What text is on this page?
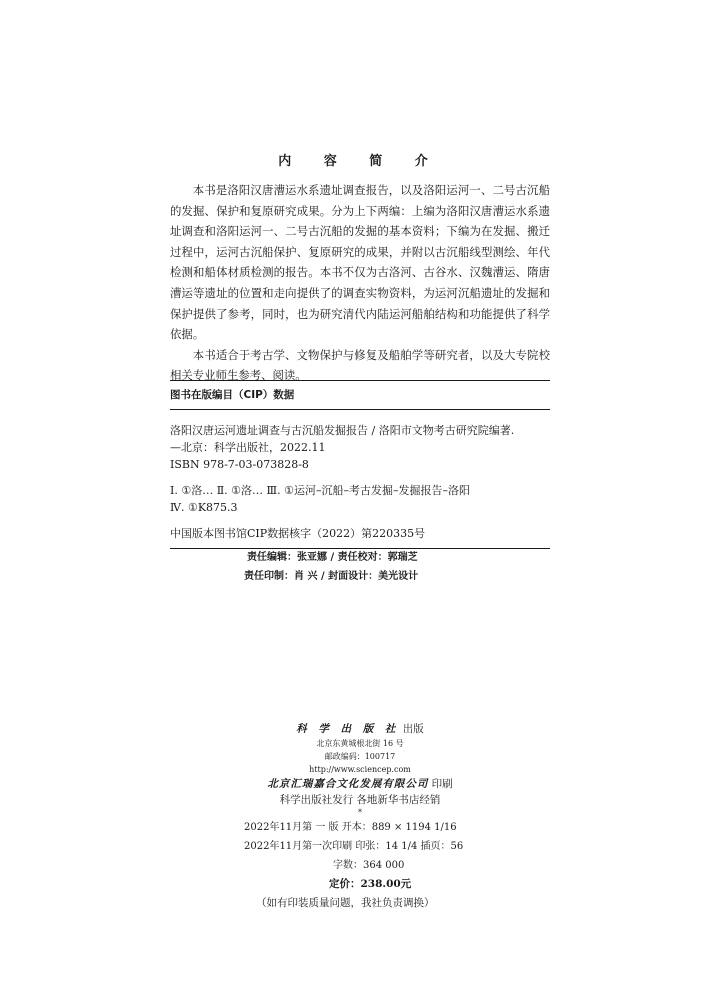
内 容 简 介

本书是洛阳汉唐漕运水系遗址调查报告，以及洛阳运河一、二号古沉船的发掘、保护和复原研究成果。分为上下两编：上编为洛阳汉唐漕运水系遗址调查和洛阳运河一、二号古沉船的发掘的基本资料；下编为在发掘、搬迁过程中，运河古沉船保护、复原研究的成果，并附以古沉船线型测绘、年代检测和船体材质检测的报告。本书不仅为古洛河、古谷水、汉魏漕运、隋唐漕运等遗址的位置和走向提供了的调查实物资料，为运河沉船遗址的发掘和保护提供了参考，同时，也为研究清代内陆运河船舶结构和功能提供了科学依据。

本书适合于考古学、文物保护与修复及船舶学等研究者，以及大专院校相关专业师生参考、阅读。

图书在版编目（CIP）数据
洛阳汉唐运河遗址调查与古沉船发掘报告 / 洛阳市文物考古研究院编著.
—北京：科学出版社，2022.11
ISBN 978-7-03-073828-8
Ⅰ. ①洛… Ⅱ. ①洛… Ⅲ. ①运河–沉船–考古发掘–发掘报告–洛阳
Ⅳ. ①K875.3
中国版本图书馆CIP数据核字（2022）第220335号
责任编辑：张亚娜 / 责任校对：郭瑞芝
责任印制：肖 兴 / 封面设计：美光设计
科 学 出 版 社 出版
北京东黄城根北街 16 号
邮政编码：100717
http://www.sciencep.com
北京汇瑞嘉合文化发展有限公司 印刷
科学出版社发行 各地新华书店经销
*
2022年11月第 一 版 开本：889 × 1194 1/16
2022年11月第一次印刷 印张：14 1/4 插页：56
字数：364 000
定价：238.00元
（如有印装质量问题，我社负责调换）
